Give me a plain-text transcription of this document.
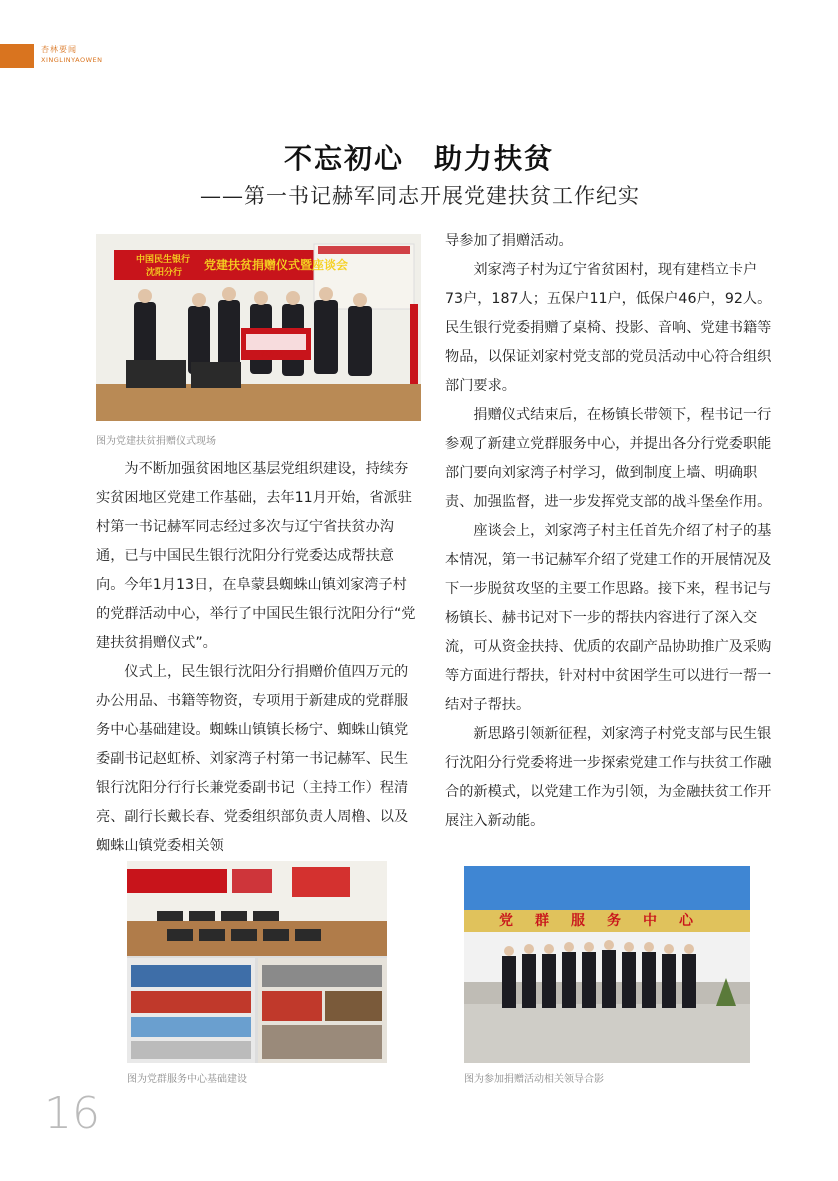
杏林要闻
XINGLINYAOWEN
不忘初心　助力扶贫
——第一书记赫军同志开展党建扶贫工作纪实
中国民生银行
沈阳分行
党建扶贫捐赠仪式暨座谈会
四万元
图为党建扶贫捐赠仪式现场

为不断加强贫困地区基层党组织建设，持续夯实贫困地区党建工作基础，去年11月开始，省派驻村第一书记赫军同志经过多次与辽宁省扶贫办沟通，已与中国民生银行沈阳分行党委达成帮扶意向。今年1月13日，在阜蒙县蜘蛛山镇刘家湾子村的党群活动中心，举行了中国民生银行沈阳分行“党建扶贫捐赠仪式”。

仪式上，民生银行沈阳分行捐赠价值四万元的办公用品、书籍等物资，专项用于新建成的党群服务中心基础建设。蜘蛛山镇镇长杨宁、蜘蛛山镇党委副书记赵虹桥、刘家湾子村第一书记赫军、民生银行沈阳分行行长兼党委副书记（主持工作）程清亮、副行长戴长春、党委组织部负责人周橹、以及蜘蛛山镇党委相关领

导参加了捐赠活动。

刘家湾子村为辽宁省贫困村，现有建档立卡户73户，187人；五保户11户，低保户46户，92人。民生银行党委捐赠了桌椅、投影、音响、党建书籍等物品，以保证刘家村党支部的党员活动中心符合组织部门要求。

捐赠仪式结束后，在杨镇长带领下，程书记一行参观了新建立党群服务中心，并提出各分行党委职能部门要向刘家湾子村学习，做到制度上墙、明确职责、加强监督，进一步发挥党支部的战斗堡垒作用。

座谈会上，刘家湾子村主任首先介绍了村子的基本情况，第一书记赫军介绍了党建工作的开展情况及下一步脱贫攻坚的主要工作思路。接下来，程书记与杨镇长、赫书记对下一步的帮扶内容进行了深入交流，可从资金扶持、优质的农副产品协助推广及采购等方面进行帮扶，针对村中贫困学生可以进行一帮一结对子帮扶。

新思路引领新征程，刘家湾子村党支部与民生银行沈阳分行党委将进一步探索党建工作与扶贫工作融合的新模式，以党建工作为引领，为金融扶贫工作开展注入新动能。

图为党群服务中心基础建设
党群服务中心
图为参加捐赠活动相关领导合影
16
